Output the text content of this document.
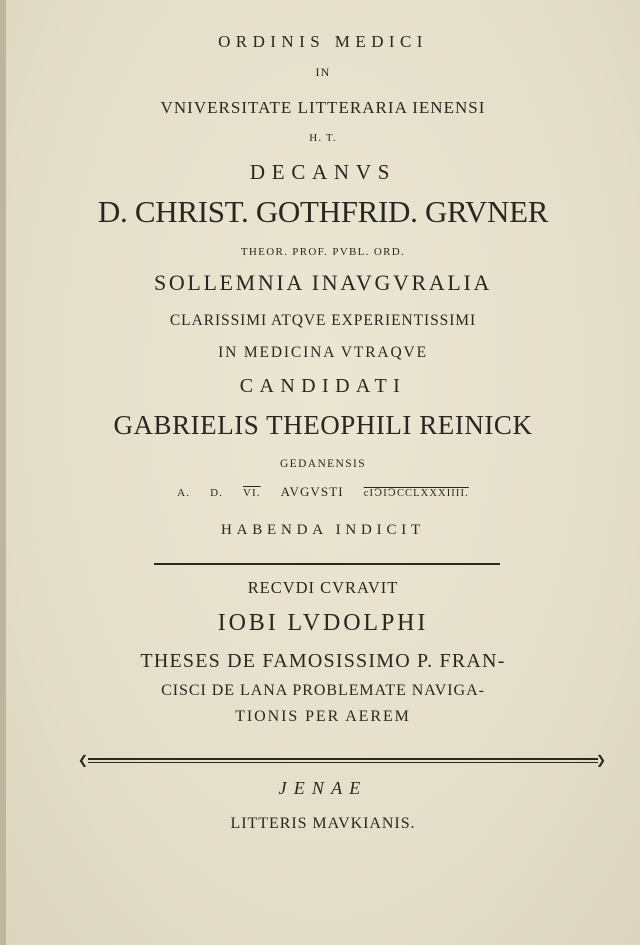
ORDINIS MEDICI
IN
VNIVERSITATE LITTERARIA IENENSI
H. T.
DECANVS
D. CHRIST. GOTHFRID. GRVNER
THEOR. PROF. PVBL. ORD.
SOLLEMNIA INAVGVRALIA
CLARISSIMI ATQVE EXPERIENTISSIMI
IN MEDICINA VTRAQVE
CANDIDATI
GABRIELIS THEOPHILI REINICK
GEDANENSIS
A. D. VI. AVGVSTI cIↃIↃCCLXXXIIII.
HABENDA INDICIT
RECVDI CVRAVIT
IOBI LVDOLPHI
THESES DE FAMOSISSIMO P. FRAN-
CISCI DE LANA PROBLEMATE NAVIGA-
TIONIS PER AEREM
❮	❯
JENAE
LITTERIS MAVKIANIS.
